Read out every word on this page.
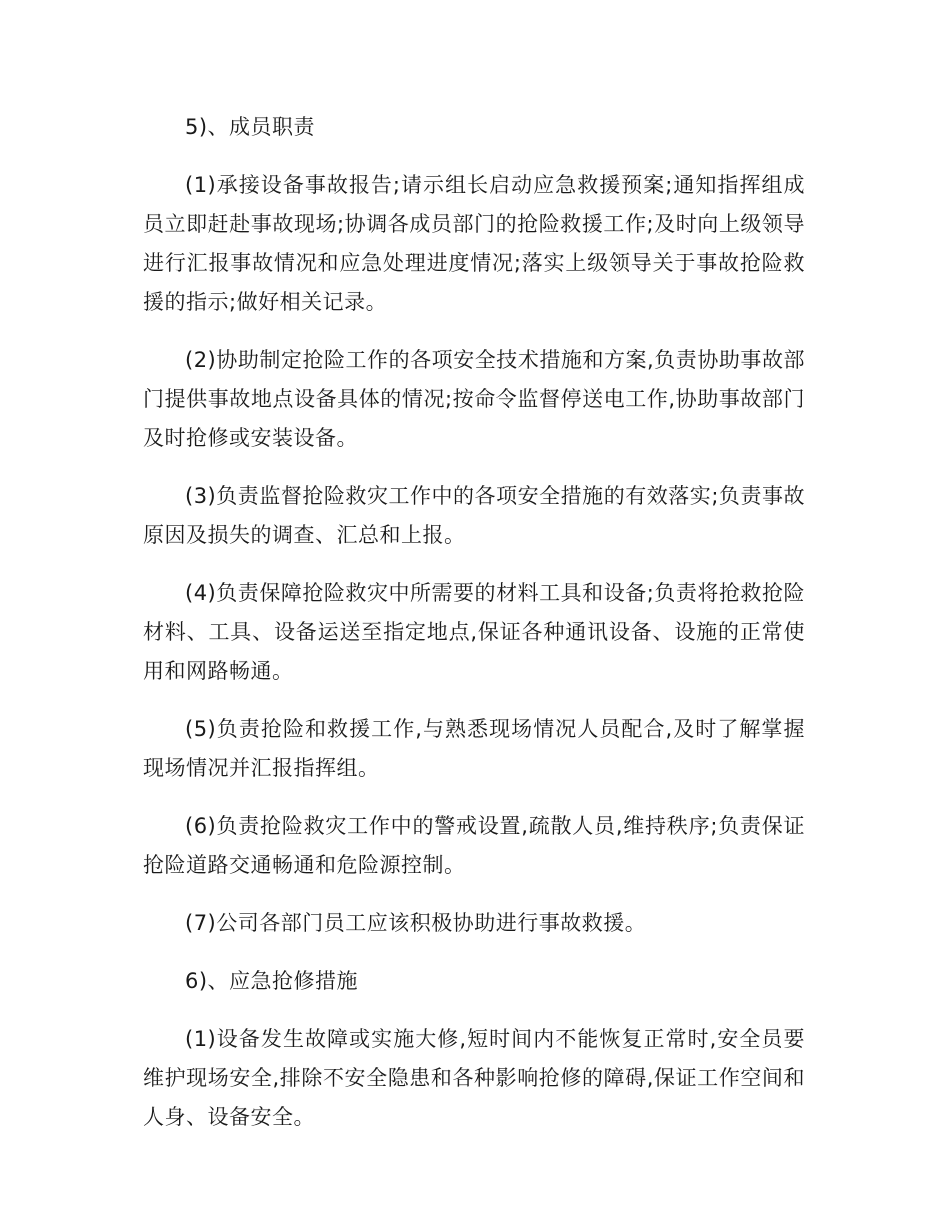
5)、成员职责

(1)承接设备事故报告;请示组长启动应急救援预案;通知指挥组成员立即赶赴事故现场;协调各成员部门的抢险救援工作;及时向上级领导进行汇报事故情况和应急处理进度情况;落实上级领导关于事故抢险救援的指示;做好相关记录。

(2)协助制定抢险工作的各项安全技术措施和方案,负责协助事故部门提供事故地点设备具体的情况;按命令监督停送电工作,协助事故部门及时抢修或安装设备。

(3)负责监督抢险救灾工作中的各项安全措施的有效落实;负责事故原因及损失的调查、汇总和上报。

(4)负责保障抢险救灾中所需要的材料工具和设备;负责将抢救抢险材料、工具、设备运送至指定地点,保证各种通讯设备、设施的正常使用和网路畅通。

(5)负责抢险和救援工作,与熟悉现场情况人员配合,及时了解掌握现场情况并汇报指挥组。

(6)负责抢险救灾工作中的警戒设置,疏散人员,维持秩序;负责保证抢险道路交通畅通和危险源控制。

(7)公司各部门员工应该积极协助进行事故救援。

6)、应急抢修措施

(1)设备发生故障或实施大修,短时间内不能恢复正常时,安全员要维护现场安全,排除不安全隐患和各种影响抢修的障碍,保证工作空间和人身、设备安全。
